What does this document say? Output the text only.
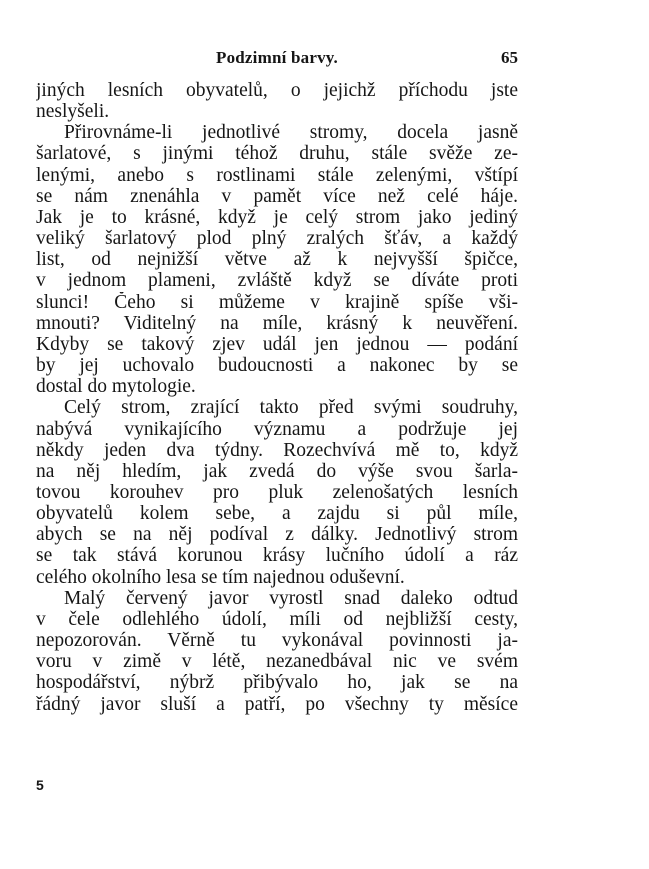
Podzimní barvy.	65

jiných lesních obyvatelů, o jejichž příchodu jste

neslyšeli.

Přirovnáme-li jednotlivé stromy, docela jasně

šarlatové, s jinými téhož druhu, stále svěže ze-

lenými, anebo s rostlinami stále zelenými, vštípí

se nám znenáhla v pamět více než celé háje.

Jak je to krásné, když je celý strom jako jediný

veliký šarlatový plod plný zralých šťáv, a každý

list, od nejnižší větve až k nejvyšší špičce,

v jednom plameni, zvláště když se díváte proti

slunci! Čeho si můžeme v krajině spíše vši-

mnouti? Viditelný na míle, krásný k neuvěření.

Kdyby se takový zjev udál jen jednou — podání

by jej uchovalo budoucnosti a nakonec by se

dostal do mytologie.

Celý strom, zrající takto před svými soudruhy,

nabývá vynikajícího významu a podržuje jej

někdy jeden dva týdny. Rozechvívá mě to, když

na něj hledím, jak zvedá do výše svou šarla-

tovou korouhev pro pluk zelenošatých lesních

obyvatelů kolem sebe, a zajdu si půl míle,

abych se na něj podíval z dálky. Jednotlivý strom

se tak stává korunou krásy lučního údolí a ráz

celého okolního lesa se tím najednou oduševní.

Malý červený javor vyrostl snad daleko odtud

v čele odlehlého údolí, míli od nejbližší cesty,

nepozorován. Věrně tu vykonával povinnosti ja-

voru v zimě v létě, nezanedbával nic ve svém

hospodářství, nýbrž přibývalo ho, jak se na

řádný javor sluší a patří, po všechny ty měsíce

5
